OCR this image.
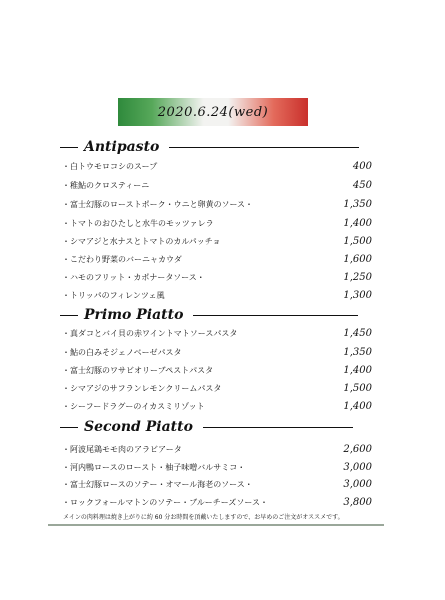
2020.6.24(wed)
Antipasto
・白トウモロコシのスープ	400
・稚鮎のクロスティーニ	450
・富士幻豚のローストポーク・ウニと卵黄のソース・	1,350
・トマトのおひたしと水牛のモッツァレラ	1,400
・シマアジと水ナスとトマトのカルパッチョ	1,500
・こだわり野菜のバーニャカウダ	1,600
・ハモのフリット・カポナータソース・	1,250
・トリッパのフィレンツェ風	1,300
Primo Piatto
・真ダコとバイ貝の赤ワイントマトソースパスタ	1,450
・鮎の白みそジェノベーゼパスタ	1,350
・富士幻豚のワサビオリーブペストパスタ	1,400
・シマアジのサフランレモンクリームパスタ	1,500
・シーフードラグーのイカスミリゾット	1,400
Second Piatto
・阿波尾鶏モモ肉のアラビアータ	2,600
・河内鴨ロースのロースト・柚子味噌バルサミコ・	3,000
・富士幻豚ロースのソテー・オマール海老のソース・	3,000
・ロックフォールマトンのソテー・ブルーチーズソース・	3,800
メインの肉料理は焼き上がりに約 60 分お時間を頂戴いたしますので、お早めのご注文がオススメです。
